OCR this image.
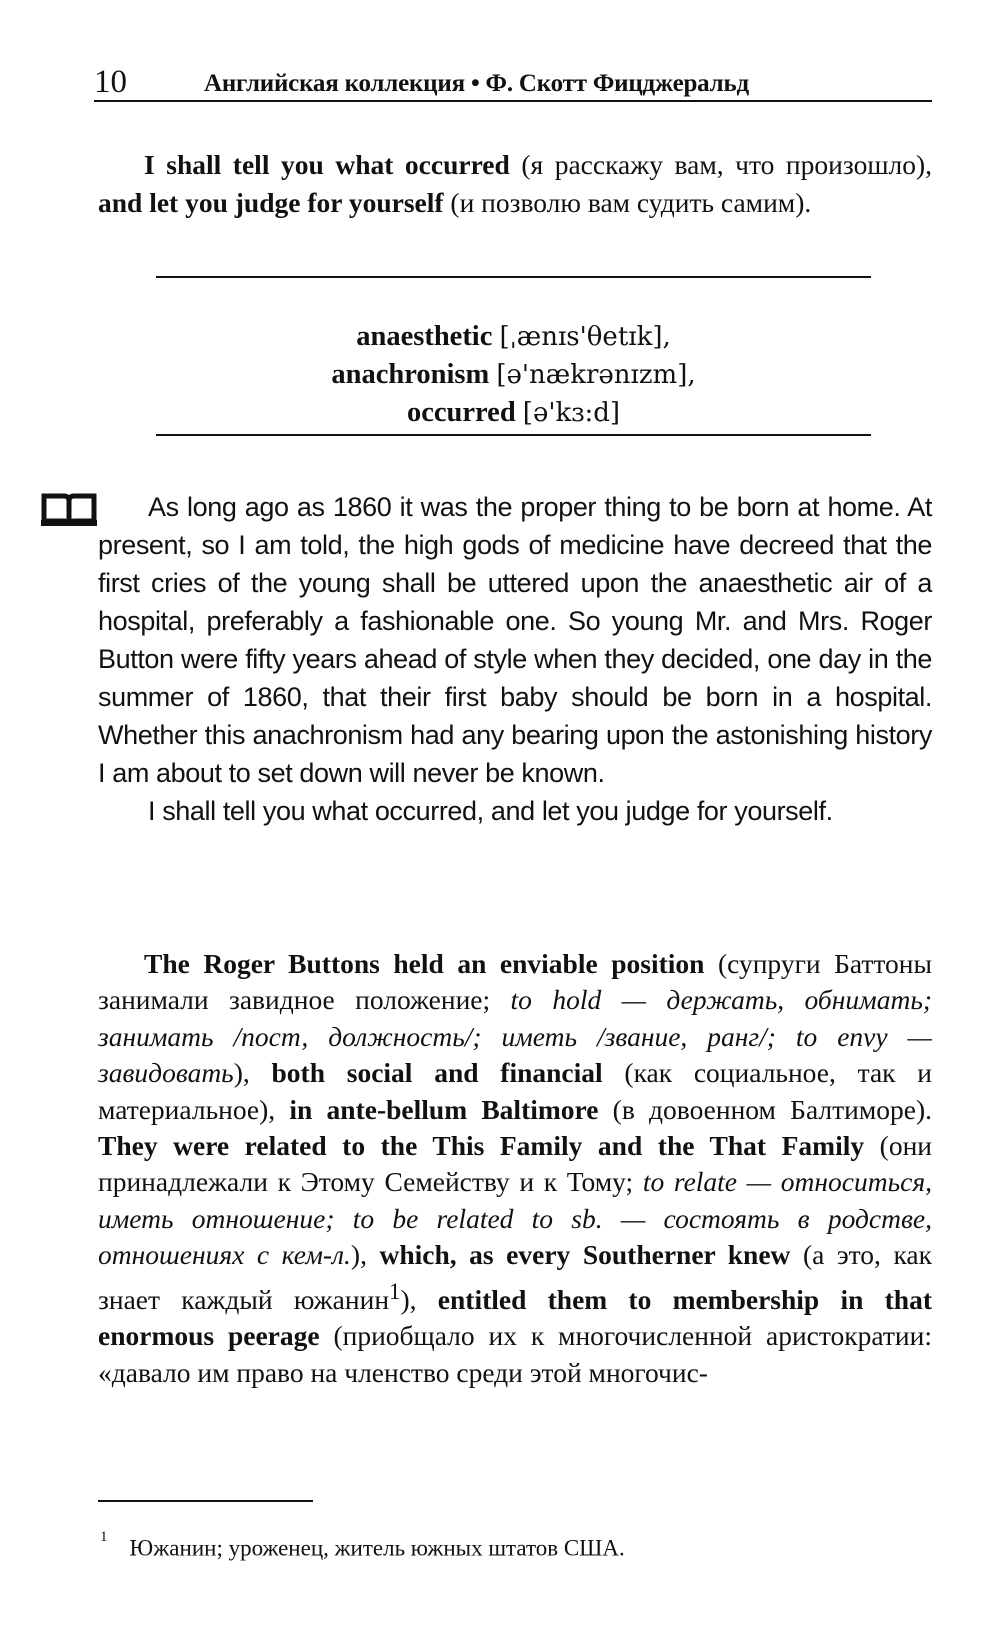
10	Английская коллекция • Ф. Скотт Фицджеральд

I shall tell you what occurred (я расскажу вам, что произошло), and let you judge for yourself (и позволю вам судить самим).

anaesthetic [ˌænɪs'θetɪk],
anachronism [ə'nækrənɪzm],
occurred [ə'kɜ:d]

As long ago as 1860 it was the proper thing to be born at home. At present, so I am told, the high gods of medicine have decreed that the first cries of the young shall be uttered upon the anaesthetic air of a hospital, preferably a fashionable one. So young Mr. and Mrs. Roger Button were fifty years ahead of style when they decided, one day in the summer of 1860, that their first baby should be born in a hospital. Whether this anachronism had any bearing upon the astonishing history I am about to set down will never be known.

I shall tell you what occurred, and let you judge for yourself.

The Roger Buttons held an enviable position (супруги Баттоны занимали завидное положение; to hold — держать, обнимать; занимать /пост, должность/; иметь /звание, ранг/; to envy — завидовать), both social and financial (как социальное, так и материальное), in ante-bellum Baltimore (в довоенном Балтиморе). They were related to the This Family and the That Family (они принадлежали к Этому Семейству и к Тому; to relate — относиться, иметь отношение; to be related to sb. — состоять в родстве, отношениях с кем-л.), which, as every Southerner knew (а это, как знает каждый южанин$^1$), entitled them to membership in that enormous peerage (приобщало их к многочисленной аристократии: «давало им право на членство среди этой многочис-

$^1$ Южанин; уроженец, житель южных штатов США.
